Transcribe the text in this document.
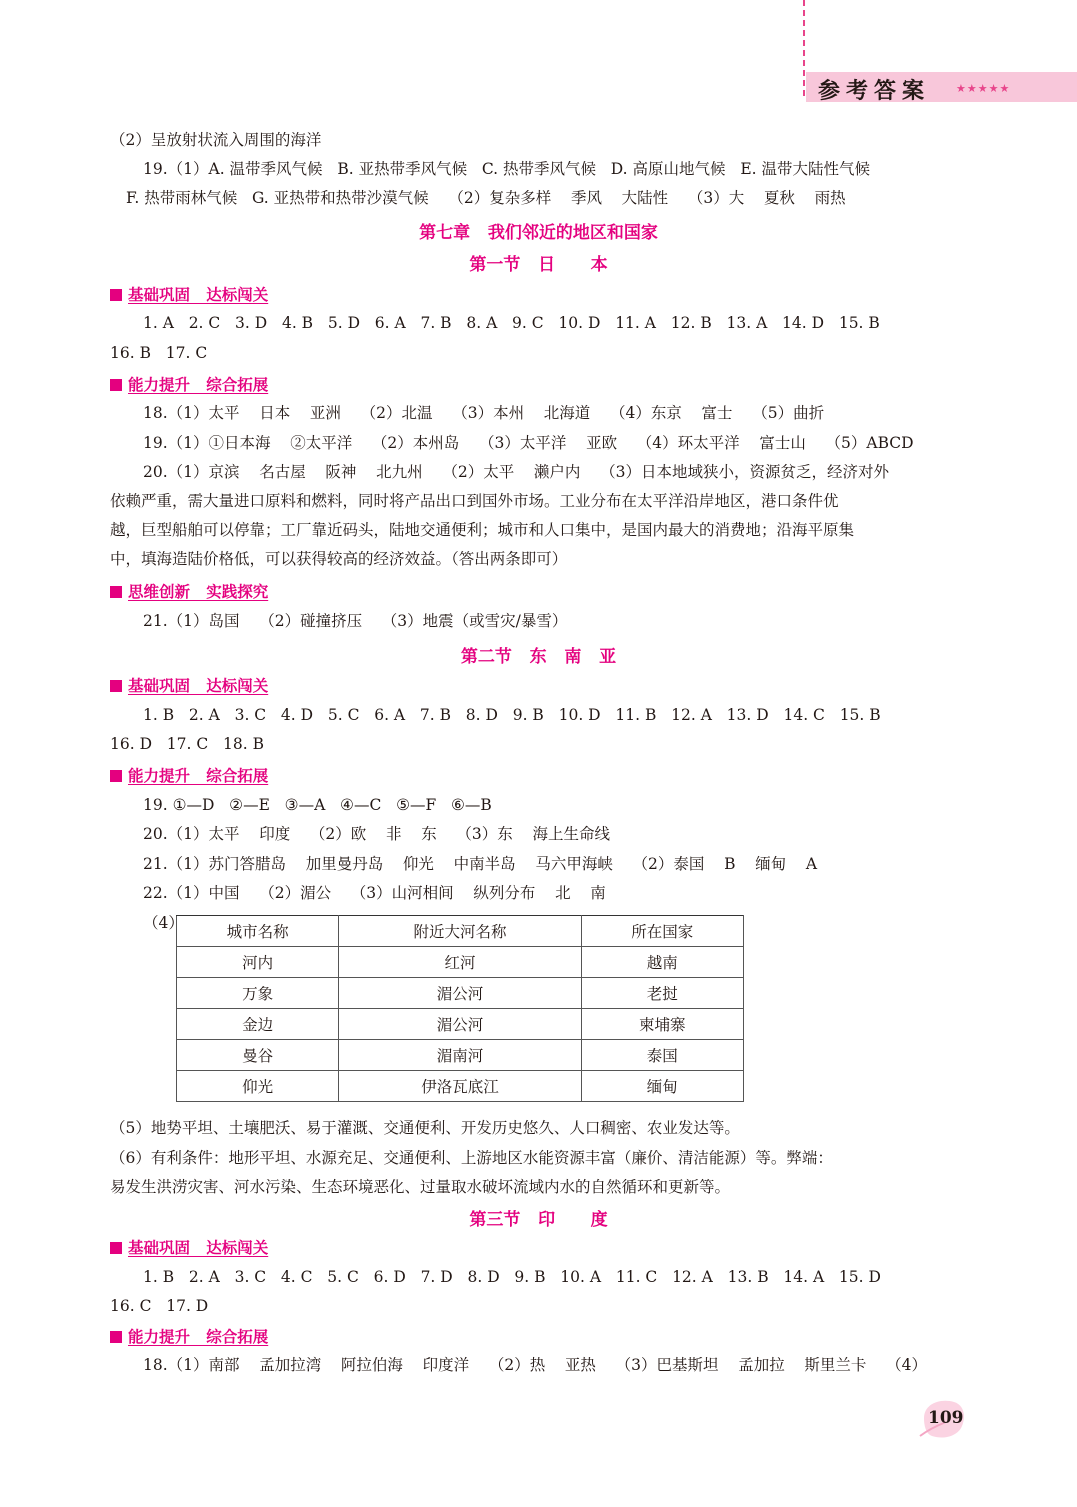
参考答案 ★★★★★
（2）呈放射状流入周围的海洋
19.（1）A. 温带季风气候   B. 亚热带季风气候   C. 热带季风气候   D. 高原山地气候   E. 温带大陆性气候
F. 热带雨林气候   G. 亚热带和热带沙漠气候    （2）复杂多样    季风    大陆性    （3）大    夏秋    雨热
第七章   我们邻近的地区和国家
第一节   日      本
基础巩固   达标闯关
1. A   2. C   3. D   4. B   5. D   6. A   7. B   8. A   9. C   10. D   11. A   12. B   13. A   14. D   15. B
16. B   17. C
能力提升   综合拓展
18.（1）太平    日本    亚洲    （2）北温    （3）本州    北海道    （4）东京    富士    （5）曲折
19.（1）①日本海    ②太平洋    （2）本州岛    （3）太平洋    亚欧    （4）环太平洋    富士山    （5）ABCD
20.（1）京滨    名古屋    阪神    北九州    （2）太平    濑户内    （3）日本地域狭小，资源贫乏，经济对外
依赖严重，需大量进口原料和燃料，同时将产品出口到国外市场。工业分布在太平洋沿岸地区，港口条件优
越，巨型船舶可以停靠；工厂靠近码头，陆地交通便利；城市和人口集中，是国内最大的消费地；沿海平原集
中，填海造陆价格低，可以获得较高的经济效益。（答出两条即可）
思维创新   实践探究
21.（1）岛国    （2）碰撞挤压    （3）地震（或雪灾/暴雪）
第二节   东   南   亚
基础巩固   达标闯关
1. B   2. A   3. C   4. D   5. C   6. A   7. B   8. D   9. B   10. D   11. B   12. A   13. D   14. C   15. B
16. D   17. C   18. B
能力提升   综合拓展
19. ①—D   ②—E   ③—A   ④—C   ⑤—F   ⑥—B
20.（1）太平    印度    （2）欧    非    东    （3）东    海上生命线
21.（1）苏门答腊岛    加里曼丹岛    仰光    中南半岛    马六甲海峡    （2）泰国    B    缅甸    A
22.（1）中国    （2）湄公    （3）山河相间    纵列分布    北    南
（4）	城市名称	附近大河名称	所在国家
河内	红河	越南
万象	湄公河	老挝
金边	湄公河	柬埔寨
曼谷	湄南河	泰国
仰光	伊洛瓦底江	缅甸
（5）地势平坦、土壤肥沃、易于灌溉、交通便利、开发历史悠久、人口稠密、农业发达等。
（6）有利条件：地形平坦、水源充足、交通便利、上游地区水能资源丰富（廉价、清洁能源）等。弊端：
易发生洪涝灾害、河水污染、生态环境恶化、过量取水破坏流域内水的自然循环和更新等。
第三节   印      度
基础巩固   达标闯关
1. B   2. A   3. C   4. C   5. C   6. D   7. D   8. D   9. B   10. A   11. C   12. A   13. B   14. A   15. D
16. C   17. D
能力提升   综合拓展
18.（1）南部    孟加拉湾    阿拉伯海    印度洋    （2）热    亚热    （3）巴基斯坦    孟加拉    斯里兰卡    （4）
109
